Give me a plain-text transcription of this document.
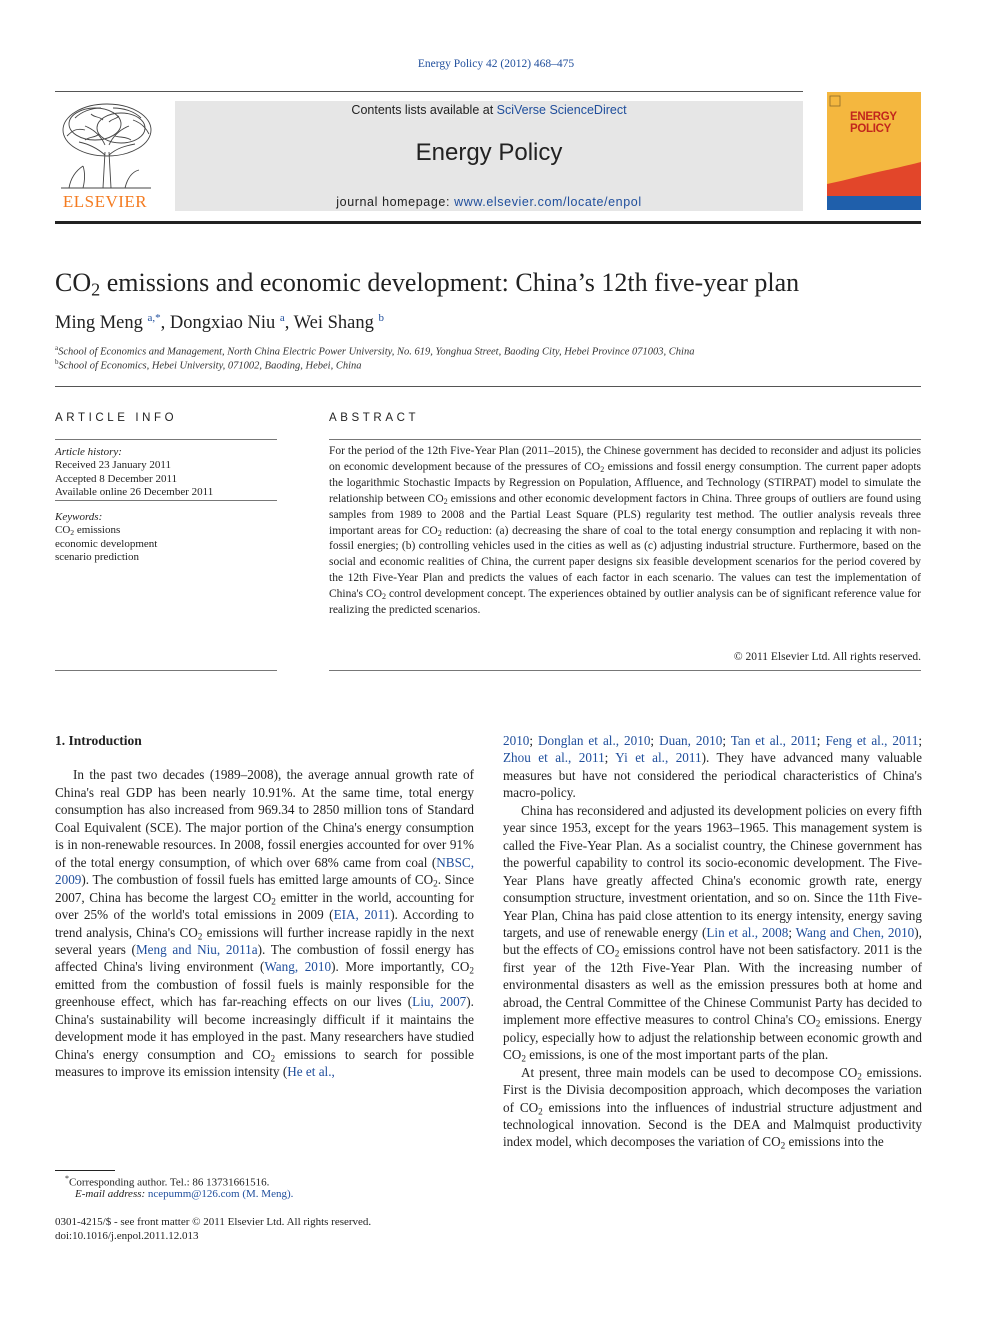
Energy Policy 42 (2012) 468–475
ELSEVIER
Contents lists available at SciVerse ScienceDirect
Energy Policy
journal homepage: www.elsevier.com/locate/enpol
ENERGY
POLICY
$CO_2$ emissions and economic development: China’s 12th five-year plan
Ming Meng $^{a,*}$, Dongxiao Niu $^a$, Wei Shang $^b$
$^a$School of Economics and Management, North China Electric Power University, No. 619, Yonghua Street, Baoding City, Hebei Province 071003, China
$^b$School of Economics, Hebei University, 071002, Baoding, Hebei, China
ARTICLE INFO
Article history:
Received 23 January 2011
Accepted 8 December 2011
Available online 26 December 2011
Keywords:
$CO_2$ emissions
economic development
scenario prediction
ABSTRACT
For the period of the 12th Five-Year Plan (2011–2015), the Chinese government has decided to reconsider and adjust its policies on economic development because of the pressures of $CO_2$ emissions and fossil energy consumption. The current paper adopts the logarithmic Stochastic Impacts by Regression on Population, Affluence, and Technology (STIRPAT) model to simulate the relationship between $CO_2$ emissions and other economic development factors in China. Three groups of outliers are found using samples from 1989 to 2008 and the Partial Least Square (PLS) regularity test method. The outlier analysis reveals three important areas for $CO_2$ reduction: (a) decreasing the share of coal to the total energy consumption and replacing it with non-fossil energies; (b) controlling vehicles used in the cities as well as (c) adjusting industrial structure. Furthermore, based on the social and economic realities of China, the current paper designs six feasible development scenarios for the period covered by the 12th Five-Year Plan and predicts the values of each factor in each scenario. The values can test the implementation of China's $CO_2$ control development concept. The experiences obtained by outlier analysis can be of significant reference value for realizing the predicted scenarios.
© 2011 Elsevier Ltd. All rights reserved.

1. Introduction

In the past two decades (1989–2008), the average annual growth rate of China's real GDP has been nearly 10.91%. At the same time, total energy consumption has also increased from 969.34 to 2850 million tons of Standard Coal Equivalent (SCE). The major portion of the China's energy consumption is in non-renewable resources. In 2008, fossil energies accounted for over 91% of the total energy consumption, of which over 68% came from coal (NBSC, 2009). The combustion of fossil fuels has emitted large amounts of $CO_2$. Since 2007, China has become the largest $CO_2$ emitter in the world, accounting for over 25% of the world's total emissions in 2009 (EIA, 2011). According to trend analysis, China's $CO_2$ emissions will further increase rapidly in the next several years (Meng and Niu, 2011a). The combustion of fossil energy has affected China's living environment (Wang, 2010). More importantly, $CO_2$ emitted from the combustion of fossil fuels is mainly responsible for the greenhouse effect, which has far-reaching effects on our lives (Liu, 2007). China's sustainability will become increasingly difficult if it maintains the development mode it has employed in the past. Many researchers have studied China's energy consumption and $CO_2$ emissions to search for possible measures to improve its emission intensity (He et al.,

2010; Donglan et al., 2010; Duan, 2010; Tan et al., 2011; Feng et al., 2011; Zhou et al., 2011; Yi et al., 2011). They have advanced many valuable measures but have not considered the periodical characteristics of China's macro-policy.

China has reconsidered and adjusted its development policies on every fifth year since 1953, except for the years 1963–1965. This management system is called the Five-Year Plan. As a socialist country, the Chinese government has the powerful capability to control its socio-economic development. The Five-Year Plans have greatly affected China's economic growth rate, energy consumption structure, investment orientation, and so on. Since the 11th Five-Year Plan, China has paid close attention to its energy intensity, energy saving targets, and use of renewable energy (Lin et al., 2008; Wang and Chen, 2010), but the effects of $CO_2$ emissions control have not been satisfactory. 2011 is the first year of the 12th Five-Year Plan. With the increasing number of environmental disasters as well as the emission pressures both at home and abroad, the Central Committee of the Chinese Communist Party has decided to implement more effective measures to control China's $CO_2$ emissions. Energy policy, especially how to adjust the relationship between economic growth and $CO_2$ emissions, is one of the most important parts of the plan.

At present, three main models can be used to decompose $CO_2$ emissions. First is the Divisia decomposition approach, which decomposes the variation of $CO_2$ emissions into the influences of industrial structure adjustment and technological innovation. Second is the DEA and Malmquist productivity index model, which decomposes the variation of $CO_2$ emissions into the

*Corresponding author. Tel.: 86 13731661516.
E-mail address: ncepumm@126.com (M. Meng).
0301-4215/$ - see front matter © 2011 Elsevier Ltd. All rights reserved.
doi:10.1016/j.enpol.2011.12.013
